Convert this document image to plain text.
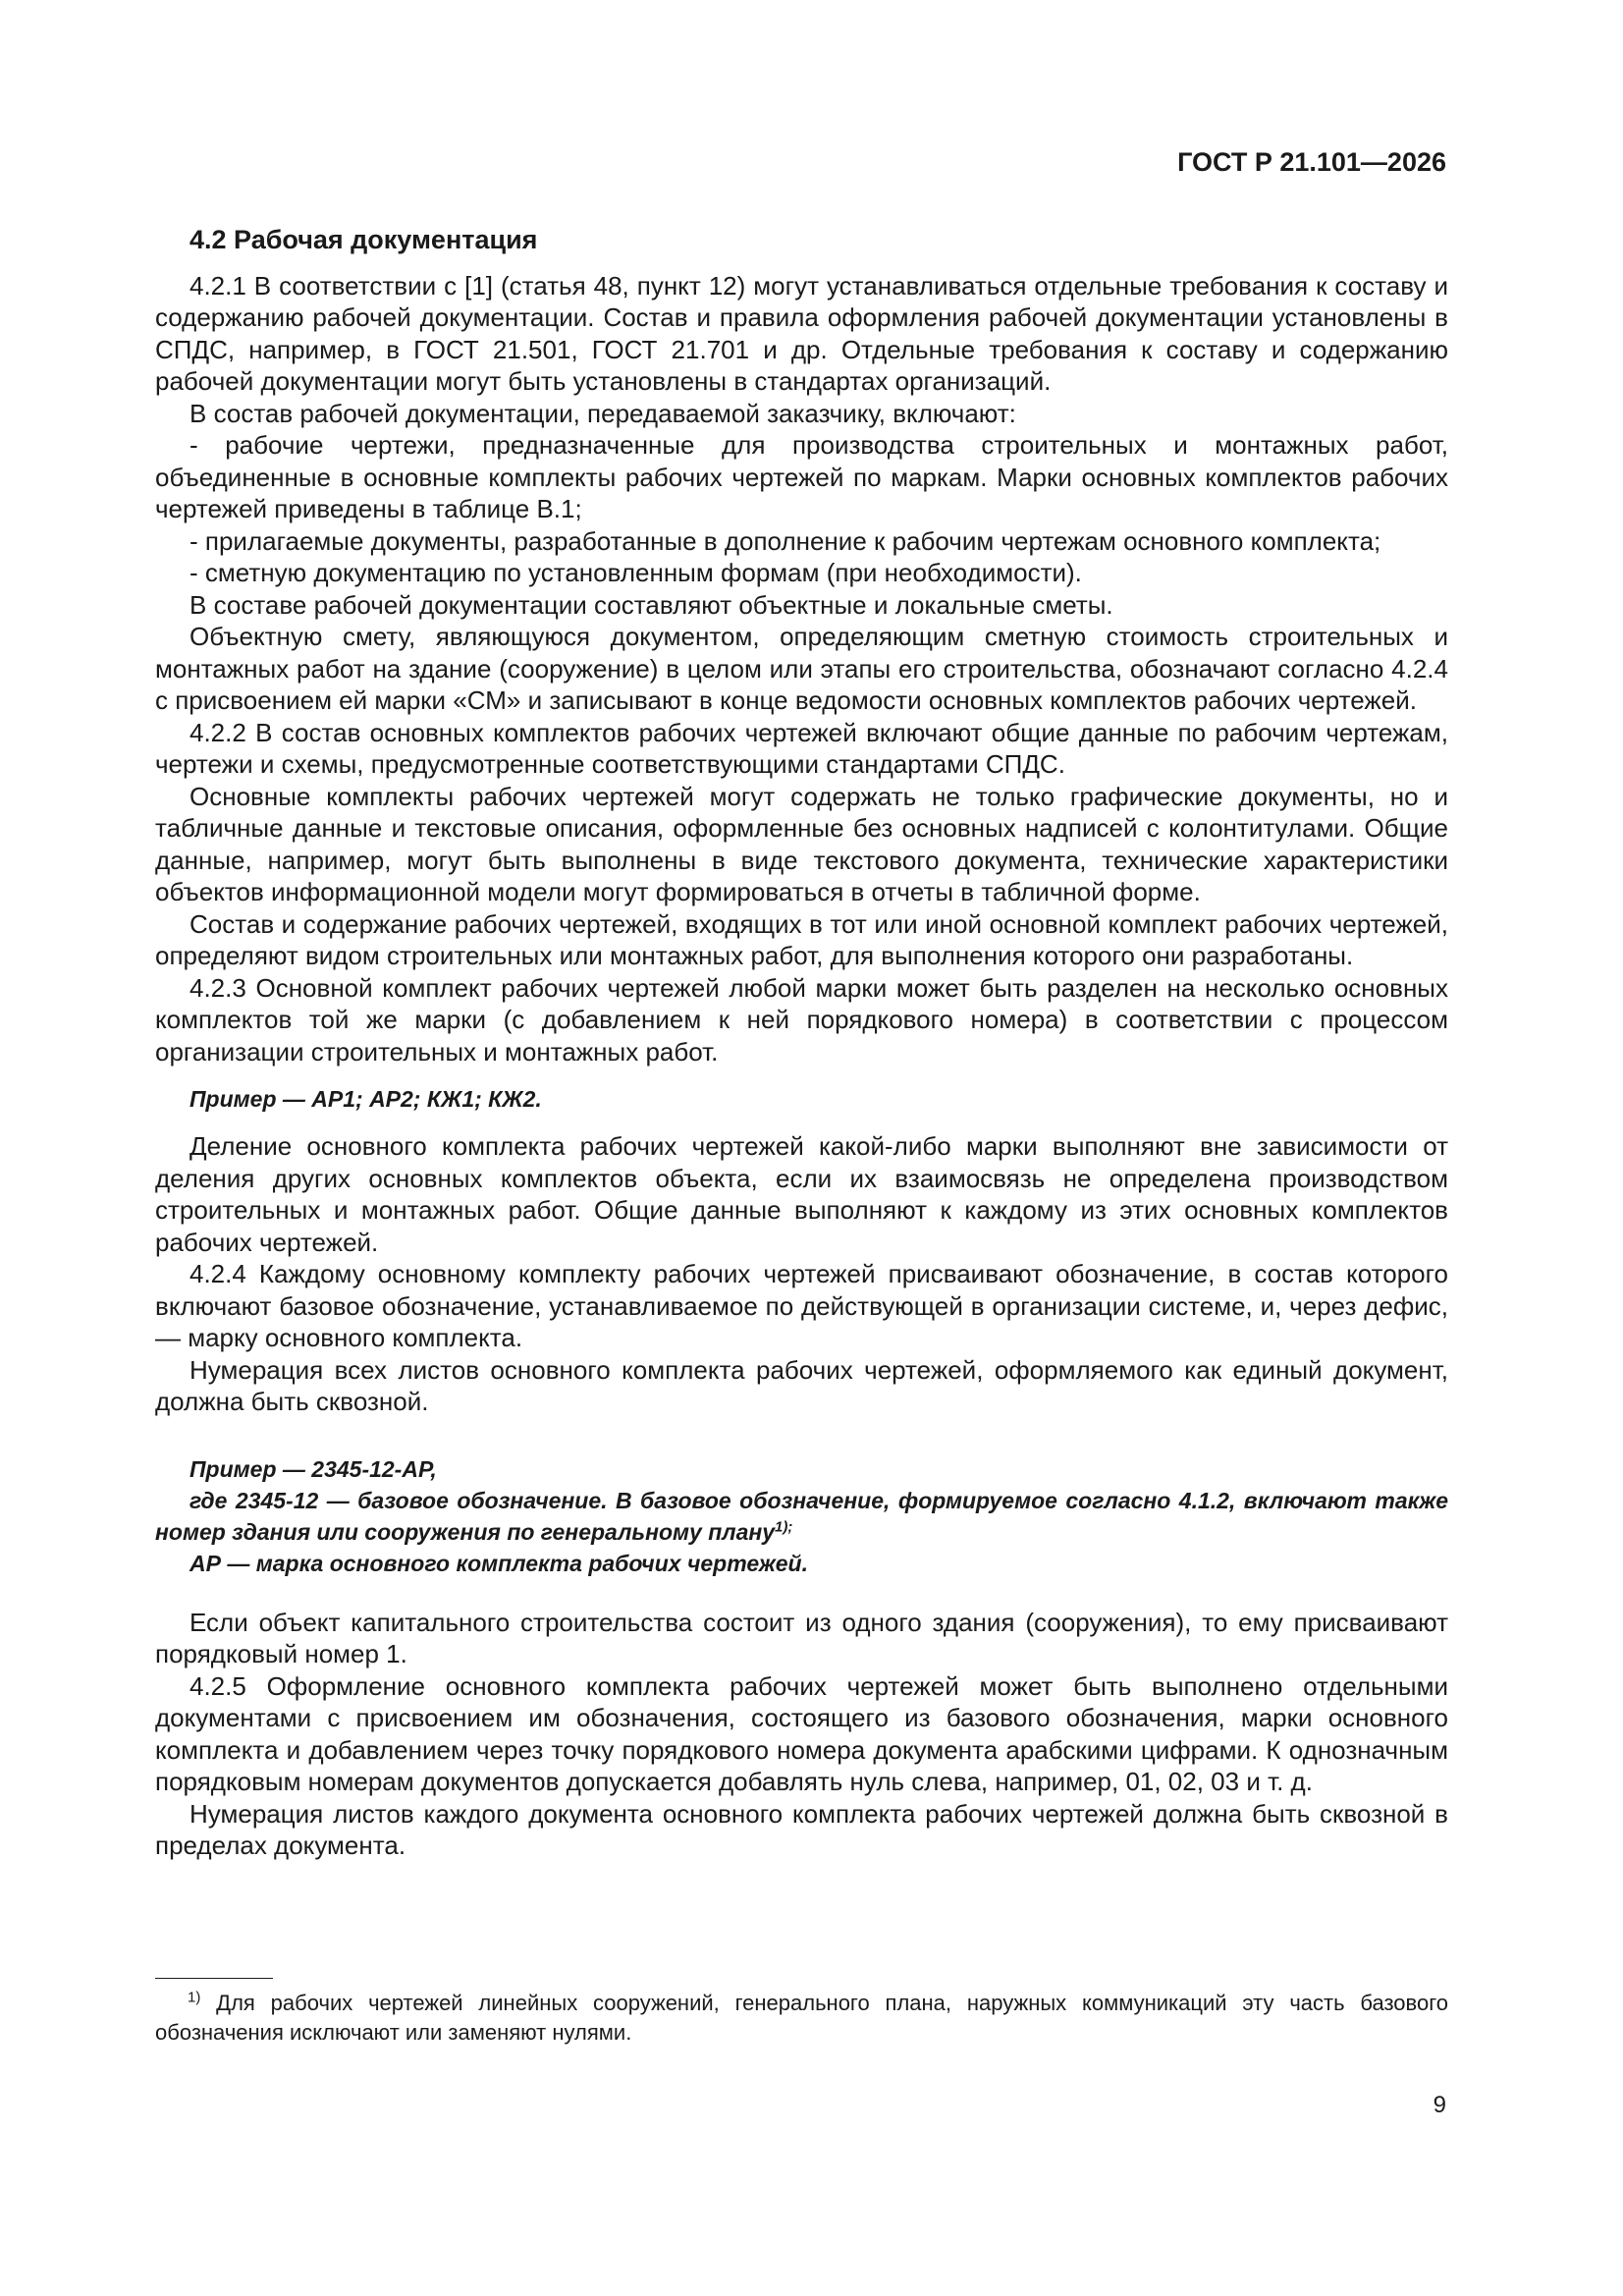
ГОСТ Р 21.101—2026
4.2 Рабочая документация

4.2.1 В соответствии с [1] (статья 48, пункт 12) могут устанавливаться отдельные требования к составу и содержанию рабочей документации. Состав и правила оформления рабочей документации установлены в СПДС, например, в ГОСТ 21.501, ГОСТ 21.701 и др. Отдельные требования к составу и содержанию рабочей документации могут быть установлены в стандартах организаций.

В состав рабочей документации, передаваемой заказчику, включают:

- рабочие чертежи, предназначенные для производства строительных и монтажных работ, объединенные в основные комплекты рабочих чертежей по маркам. Марки основных комплектов рабочих чертежей приведены в таблице В.1;

- прилагаемые документы, разработанные в дополнение к рабочим чертежам основного комплекта;

- сметную документацию по установленным формам (при необходимости).

В составе рабочей документации составляют объектные и локальные сметы.

Объектную смету, являющуюся документом, определяющим сметную стоимость строительных и монтажных работ на здание (сооружение) в целом или этапы его строительства, обозначают согласно 4.2.4 с присвоением ей марки «СМ» и записывают в конце ведомости основных комплектов рабочих чертежей.

4.2.2 В состав основных комплектов рабочих чертежей включают общие данные по рабочим чертежам, чертежи и схемы, предусмотренные соответствующими стандартами СПДС.

Основные комплекты рабочих чертежей могут содержать не только графические документы, но и табличные данные и текстовые описания, оформленные без основных надписей с колонтитулами. Общие данные, например, могут быть выполнены в виде текстового документа, технические характеристики объектов информационной модели могут формироваться в отчеты в табличной форме.

Состав и содержание рабочих чертежей, входящих в тот или иной основной комплект рабочих чертежей, определяют видом строительных или монтажных работ, для выполнения которого они разработаны.

4.2.3 Основной комплект рабочих чертежей любой марки может быть разделен на несколько основных комплектов той же марки (с добавлением к ней порядкового номера) в соответствии с процессом организации строительных и монтажных работ.

Пример — АР1; АР2; КЖ1; КЖ2.

Деление основного комплекта рабочих чертежей какой-либо марки выполняют вне зависимости от деления других основных комплектов объекта, если их взаимосвязь не определена производством строительных и монтажных работ. Общие данные выполняют к каждому из этих основных комплектов рабочих чертежей.

4.2.4 Каждому основному комплекту рабочих чертежей присваивают обозначение, в состав которого включают базовое обозначение, устанавливаемое по действующей в организации системе, и, через дефис, — марку основного комплекта.

Нумерация всех листов основного комплекта рабочих чертежей, оформляемого как единый документ, должна быть сквозной.

Пример — 2345-12-АР,

где 2345-12 — базовое обозначение. В базовое обозначение, формируемое согласно 4.1.2, включают также номер здания или сооружения по генеральному плану$^{1);}$

АР — марка основного комплекта рабочих чертежей.

Если объект капитального строительства состоит из одного здания (сооружения), то ему присваивают порядковый номер 1.

4.2.5 Оформление основного комплекта рабочих чертежей может быть выполнено отдельными документами с присвоением им обозначения, состоящего из базового обозначения, марки основного комплекта и добавлением через точку порядкового номера документа арабскими цифрами. К однозначным порядковым номерам документов допускается добавлять нуль слева, например, 01, 02, 03 и т. д.

Нумерация листов каждого документа основного комплекта рабочих чертежей должна быть сквозной в пределах документа.

$^{1)}$ Для рабочих чертежей линейных сооружений, генерального плана, наружных коммуникаций эту часть базового обозначения исключают или заменяют нулями.
9
